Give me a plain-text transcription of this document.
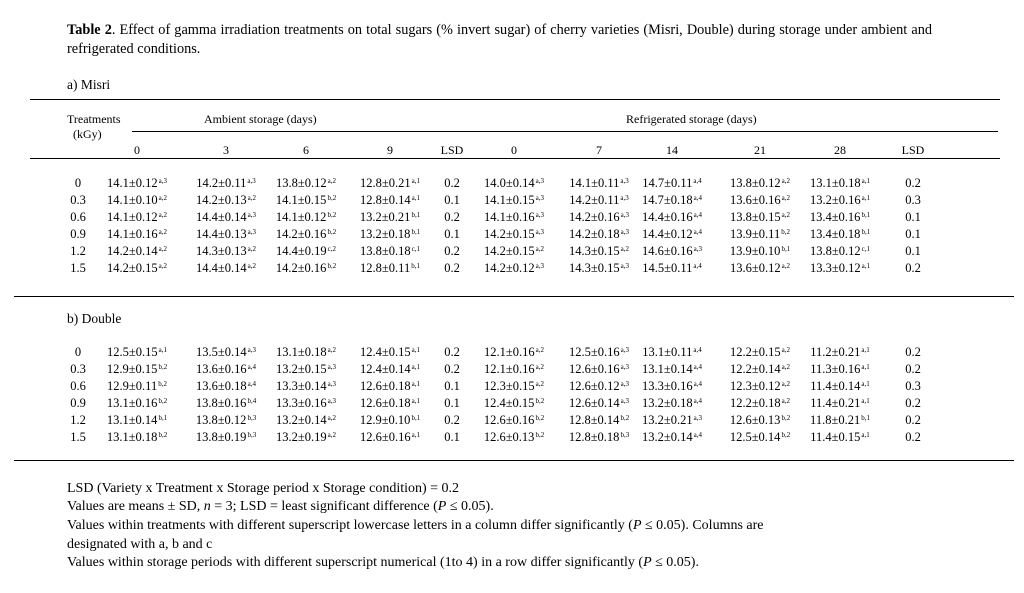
Table 2. Effect of gamma irradiation treatments on total sugars (% invert sugar) of cherry varieties (Misri, Double) during storage under ambient and refrigerated conditions.
a) Misri
Treatments
(kGy)
Ambient storage (days)	Refrigerated storage (days)
0	3	6	9	LSD	0	7	14	21	28	LSD
0	$14.1\pm 0.12^{a,3}$	$14.2\pm 0.11^{a,3}$	$13.8\pm 0.12^{a,2}$	$12.8\pm 0.21^{a,1}$	0.2	$14.0\pm 0.14^{a,3}$	$14.1\pm 0.11^{a,3}$	$14.7\pm 0.11^{a,4}$	$13.8\pm 0.12^{a,2}$	$13.1\pm 0.18^{a,1}$	0.2
0.3	$14.1\pm 0.10^{a,2}$	$14.2\pm 0.13^{a,2}$	$14.1\pm 0.15^{b,2}$	$12.8\pm 0.14^{a,1}$	0.1	$14.1\pm 0.15^{a,3}$	$14.2\pm 0.11^{a,3}$	$14.7\pm 0.18^{a,4}$	$13.6\pm 0.16^{a,2}$	$13.2\pm 0.16^{a,1}$	0.3
0.6	$14.1\pm 0.12^{a,2}$	$14.4\pm 0.14^{a,3}$	$14.1\pm 0.12^{b,2}$	$13.2\pm 0.21^{b,1}$	0.2	$14.1\pm 0.16^{a,3}$	$14.2\pm 0.16^{a,3}$	$14.4\pm 0.16^{a,4}$	$13.8\pm 0.15^{a,2}$	$13.4\pm 0.16^{b,1}$	0.1
0.9	$14.1\pm 0.16^{a,2}$	$14.4\pm 0.13^{a,3}$	$14.2\pm 0.16^{b,2}$	$13.2\pm 0.18^{b,1}$	0.1	$14.2\pm 0.15^{a,3}$	$14.2\pm 0.18^{a,3}$	$14.4\pm 0.12^{a,4}$	$13.9\pm 0.11^{b,2}$	$13.4\pm 0.18^{b,1}$	0.1
1.2	$14.2\pm 0.14^{a,2}$	$14.3\pm 0.13^{a,2}$	$14.4\pm 0.19^{c,2}$	$13.8\pm 0.18^{c,1}$	0.2	$14.2\pm 0.15^{a,2}$	$14.3\pm 0.15^{a,2}$	$14.6\pm 0.16^{a,3}$	$13.9\pm 0.10^{b,1}$	$13.8\pm 0.12^{c,1}$	0.1
1.5	$14.2\pm 0.15^{a,2}$	$14.4\pm 0.14^{a,2}$	$14.2\pm 0.16^{b,2}$	$12.8\pm 0.11^{b,1}$	0.2	$14.2\pm 0.12^{a,3}$	$14.3\pm 0.15^{a,3}$	$14.5\pm 0.11^{a,4}$	$13.6\pm 0.12^{a,2}$	$13.3\pm 0.12^{a,1}$	0.2
b) Double
0	$12.5\pm 0.15^{a,1}$	$13.5\pm 0.14^{a,3}$	$13.1\pm 0.18^{a,2}$	$12.4\pm 0.15^{a,1}$	0.2	$12.1\pm 0.16^{a,2}$	$12.5\pm 0.16^{a,3}$	$13.1\pm 0.11^{a,4}$	$12.2\pm 0.15^{a,2}$	$11.2\pm 0.21^{a,1}$	0.2
0.3	$12.9\pm 0.15^{b,2}$	$13.6\pm 0.16^{a,4}$	$13.2\pm 0.15^{a,3}$	$12.4\pm 0.14^{a,1}$	0.2	$12.1\pm 0.16^{a,2}$	$12.6\pm 0.16^{a,3}$	$13.1\pm 0.14^{a,4}$	$12.2\pm 0.14^{a,2}$	$11.3\pm 0.16^{a,1}$	0.2
0.6	$12.9\pm 0.11^{b,2}$	$13.6\pm 0.18^{a,4}$	$13.3\pm 0.14^{a,3}$	$12.6\pm 0.18^{a,1}$	0.1	$12.3\pm 0.15^{a,2}$	$12.6\pm 0.12^{a,3}$	$13.3\pm 0.16^{a,4}$	$12.3\pm 0.12^{a,2}$	$11.4\pm 0.14^{a,1}$	0.3
0.9	$13.1\pm 0.16^{b,2}$	$13.8\pm 0.16^{b,4}$	$13.3\pm 0.16^{a,3}$	$12.6\pm 0.18^{a,1}$	0.1	$12.4\pm 0.15^{b,2}$	$12.6\pm 0.14^{a,3}$	$13.2\pm 0.18^{a,4}$	$12.2\pm 0.18^{a,2}$	$11.4\pm 0.21^{a,1}$	0.2
1.2	$13.1\pm 0.14^{b,1}$	$13.8\pm 0.12^{b,3}$	$13.2\pm 0.14^{a,2}$	$12.9\pm 0.10^{b,1}$	0.2	$12.6\pm 0.16^{b,2}$	$12.8\pm 0.14^{b,2}$	$13.2\pm 0.21^{a,3}$	$12.6\pm 0.13^{b,2}$	$11.8\pm 0.21^{b,1}$	0.2
1.5	$13.1\pm 0.18^{b,2}$	$13.8\pm 0.19^{b,3}$	$13.2\pm 0.19^{a,2}$	$12.6\pm 0.16^{a,1}$	0.1	$12.6\pm 0.13^{b,2}$	$12.8\pm 0.18^{b,3}$	$13.2\pm 0.14^{a,4}$	$12.5\pm 0.14^{b,2}$	$11.4\pm 0.15^{a,1}$	0.2
LSD (Variety x Treatment x Storage period x Storage condition) = 0.2
Values are means ± SD, n = 3; LSD = least significant difference (P ≤ 0.05).
Values within treatments with different superscript lowercase letters in a column differ significantly (P ≤ 0.05). Columns are
designated with a, b and c
Values within storage periods with different superscript numerical (1to 4) in a row differ significantly (P ≤ 0.05).
